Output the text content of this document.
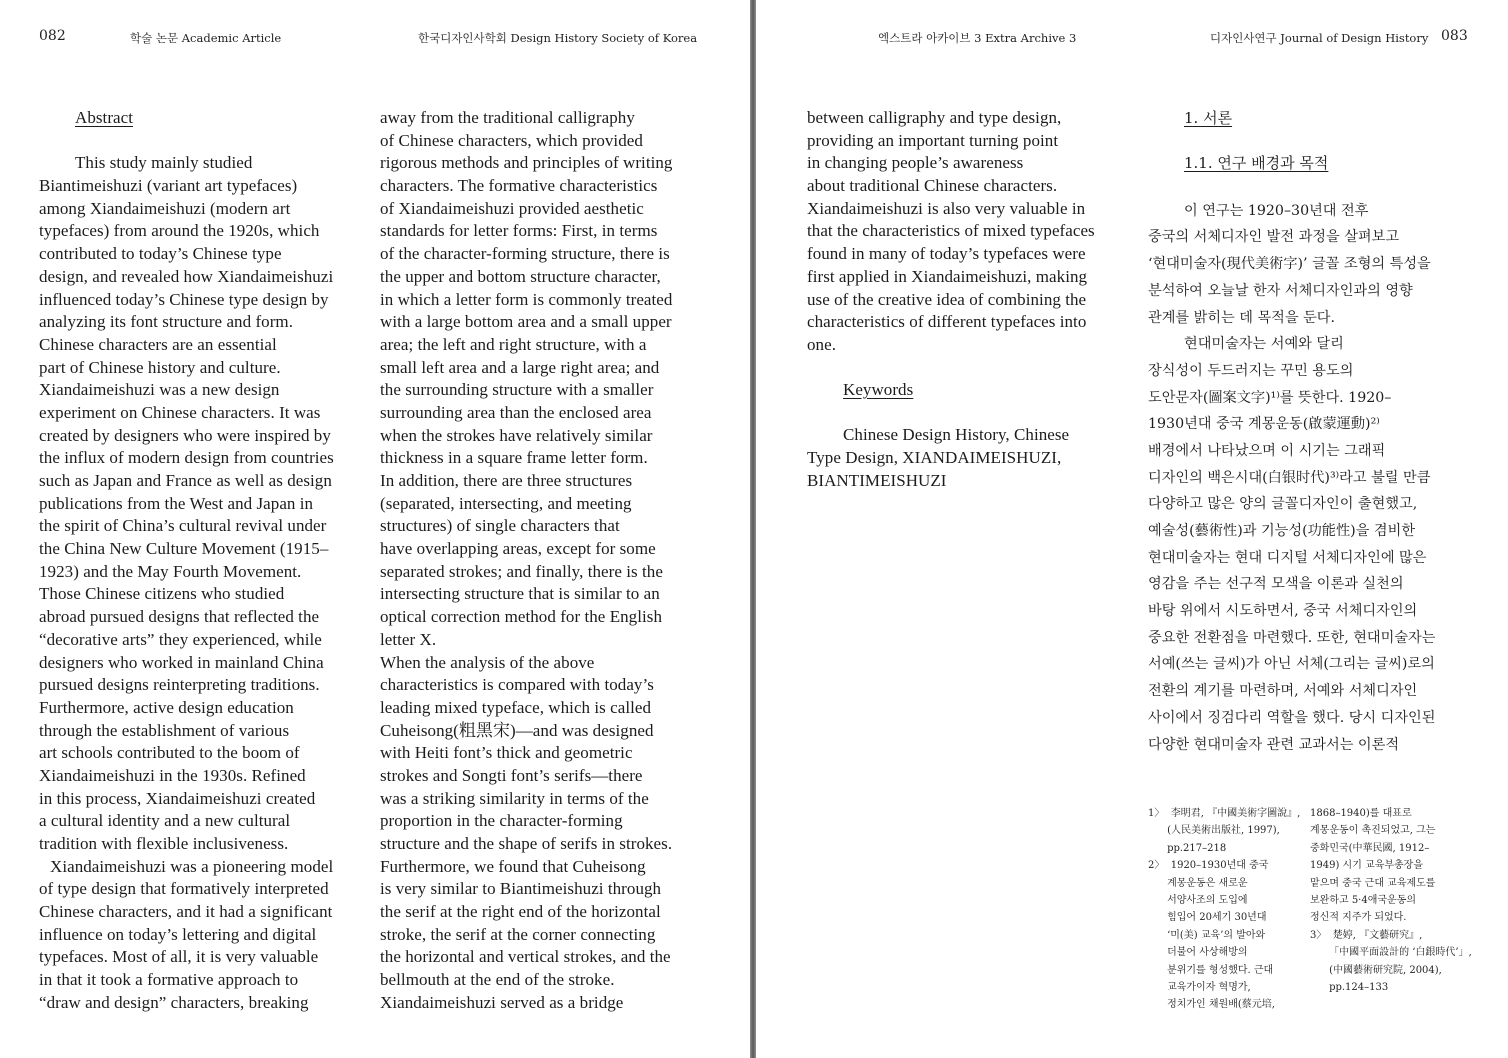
082	학술 논문 Academic Article	한국디자인사학회 Design History Society of Korea	엑스트라 아카이브 3 Extra Archive 3	디자인사연구 Journal of Design History 083
Abstract
This study mainly studied
Biantimeishuzi (variant art typefaces)
among Xiandaimeishuzi (modern art
typefaces) from around the 1920s, which
contributed to today’s Chinese type
design, and revealed how Xiandaimeishuzi
influenced today’s Chinese type design by
analyzing its font structure and form.
Chinese characters are an essential
part of Chinese history and culture.
Xiandaimeishuzi was a new design
experiment on Chinese characters. It was
created by designers who were inspired by
the influx of modern design from countries
such as Japan and France as well as design
publications from the West and Japan in
the spirit of China’s cultural revival under
the China New Culture Movement (1915–
1923) and the May Fourth Movement.
Those Chinese citizens who studied
abroad pursued designs that reflected the
“decorative arts” they experienced, while
designers who worked in mainland China
pursued designs reinterpreting traditions.
Furthermore, active design education
through the establishment of various
art schools contributed to the boom of
Xiandaimeishuzi in the 1930s. Refined
in this process, Xiandaimeishuzi created
a cultural identity and a new cultural
tradition with flexible inclusiveness.
Xiandaimeishuzi was a pioneering model
of type design that formatively interpreted
Chinese characters, and it had a significant
influence on today’s lettering and digital
typefaces. Most of all, it is very valuable
in that it took a formative approach to
“draw and design” characters, breaking
away from the traditional calligraphy
of Chinese characters, which provided
rigorous methods and principles of writing
characters. The formative characteristics
of Xiandaimeishuzi provided aesthetic
standards for letter forms: First, in terms
of the character-forming structure, there is
the upper and bottom structure character,
in which a letter form is commonly treated
with a large bottom area and a small upper
area; the left and right structure, with a
small left area and a large right area; and
the surrounding structure with a smaller
surrounding area than the enclosed area
when the strokes have relatively similar
thickness in a square frame letter form.
In addition, there are three structures
(separated, intersecting, and meeting
structures) of single characters that
have overlapping areas, except for some
separated strokes; and finally, there is the
intersecting structure that is similar to an
optical correction method for the English
letter X.
When the analysis of the above
characteristics is compared with today’s
leading mixed typeface, which is called
Cuheisong(粗黑宋)—and was designed
with Heiti font’s thick and geometric
strokes and Songti font’s serifs—there
was a striking similarity in terms of the
proportion in the character-forming
structure and the shape of serifs in strokes.
Furthermore, we found that Cuheisong
is very similar to Biantimeishuzi through
the serif at the right end of the horizontal
stroke, the serif at the corner connecting
the horizontal and vertical strokes, and the
bellmouth at the end of the stroke.
Xiandaimeishuzi served as a bridge
between calligraphy and type design,
providing an important turning point
in changing people’s awareness
about traditional Chinese characters.
Xiandaimeishuzi is also very valuable in
that the characteristics of mixed typefaces
found in many of today’s typefaces were
first applied in Xiandaimeishuzi, making
use of the creative idea of combining the
characteristics of different typefaces into
one.
Keywords
Chinese Design History, Chinese
Type Design, XIANDAIMEISHUZI,
BIANTIMEISHUZI
1. 서론
1.1. 연구 배경과 목적
이 연구는 1920–30년대 전후
중국의 서체디자인 발전 과정을 살펴보고
‘현대미술자(現代美術字)’ 글꼴 조형의 특성을
분석하여 오늘날 한자 서체디자인과의 영향
관계를 밝히는 데 목적을 둔다.
현대미술자는 서예와 달리
장식성이 두드러지는 꾸민 용도의
도안문자(圖案文字)¹⁾를 뜻한다. 1920–
1930년대 중국 계몽운동(啟蒙運動)²⁾
배경에서 나타났으며 이 시기는 그래픽
디자인의 백은시대(白银时代)³⁾라고 불릴 만큼
다양하고 많은 양의 글꼴디자인이 출현했고,
예술성(藝術性)과 기능성(功能性)을 겸비한
현대미술자는 현대 디지털 서체디자인에 많은
영감을 주는 선구적 모색을 이론과 실천의
바탕 위에서 시도하면서, 중국 서체디자인의
중요한 전환점을 마련했다. 또한, 현대미술자는
서예(쓰는 글씨)가 아닌 서체(그리는 글씨)로의
전환의 계기를 마련하며, 서예와 서체디자인
사이에서 징검다리 역할을 했다. 당시 디자인된
다양한 현대미술자 관련 교과서는 이론적
1〉  李明君, 『中國美術字圖說』,
(人民美術出版社, 1997),
pp.217–218
2〉  1920–1930년대 중국
계몽운동은 새로운
서양사조의 도입에
힘입어 20세기 30년대
‘미(美) 교육’의 발아와
더불어 사상해방의
분위기를 형성했다. 근대
교육가이자 혁명가,
정치가인 채원배(蔡元培,
1868–1940)를 대표로
계몽운동이 촉진되었고, 그는
중화민국(中華民國, 1912–
1949) 시기 교육부총장을
맡으며 중국 근대 교육제도를
보완하고 5·4애국운동의
정신적 지주가 되었다.
3〉  楚婷, 『文藝研究』,
「中國平面設計的 ‘白銀時代’」,
(中國藝術研究院, 2004),
pp.124–133
